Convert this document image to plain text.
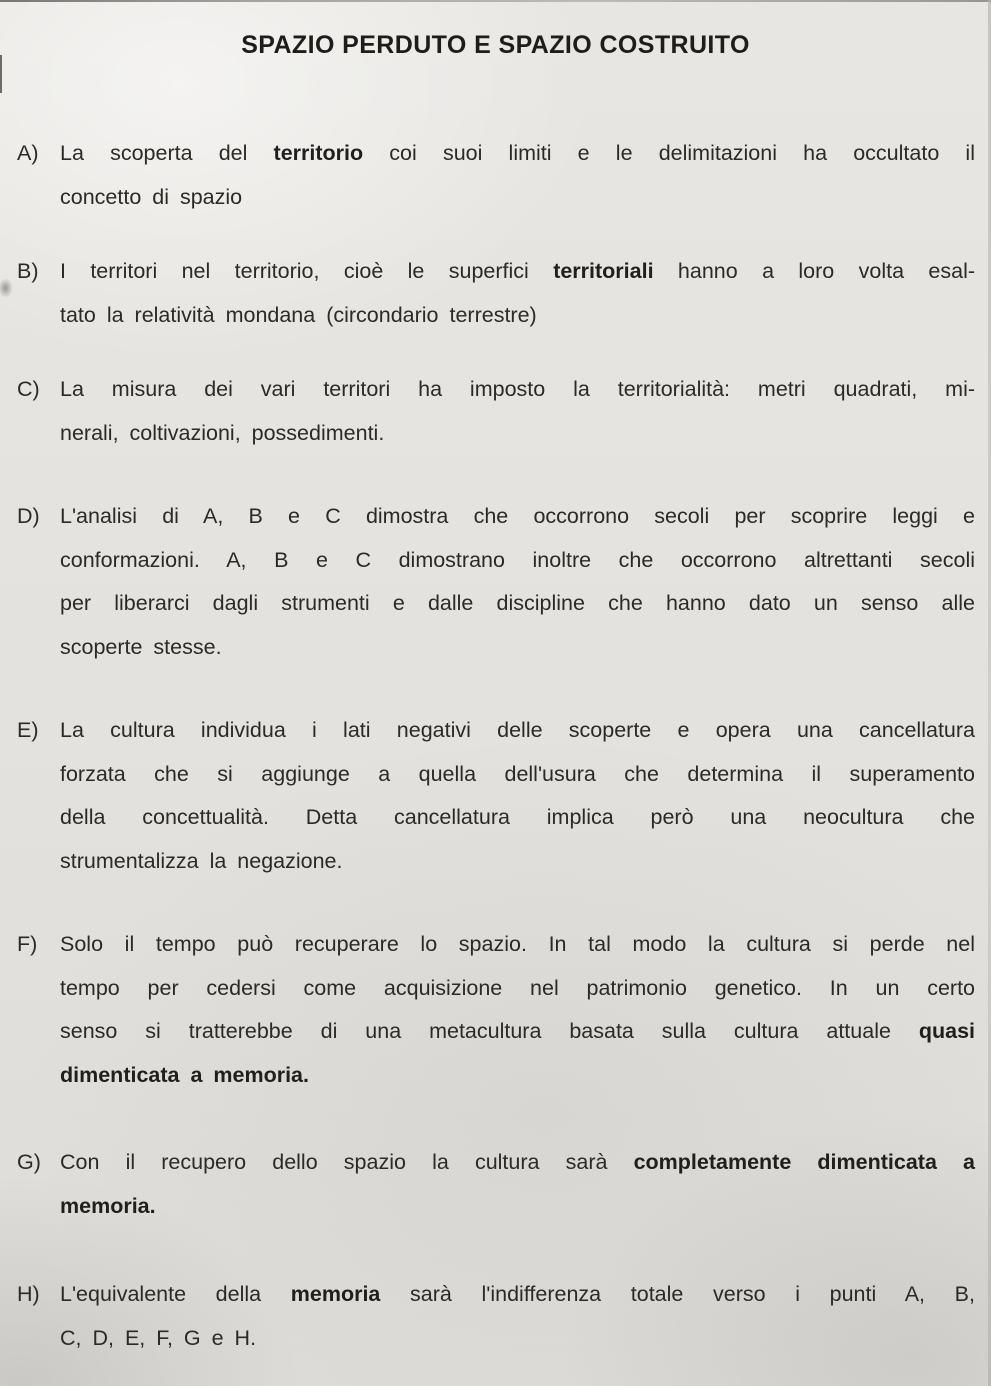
SPAZIO PERDUTO E SPAZIO COSTRUITO
A)	La scoperta del territorio coi suoi limiti e le delimitazioni ha occultato il
concetto di spazio
B)	I territori nel territorio, cioè le superfici territoriali hanno a loro volta esal-
tato la relatività mondana (circondario terrestre)
C) La misura dei vari territori ha imposto la territorialità: metri quadrati, mi-
nerali, coltivazioni, possedimenti.
D) L'analisi di A, B e C dimostra che occorrono secoli per scoprire leggi e
conformazioni. A, B e C dimostrano inoltre che occorrono altrettanti secoli
per liberarci dagli strumenti e dalle discipline che hanno dato un senso alle
scoperte stesse.
E)	La cultura individua i lati negativi delle scoperte e opera una cancellatura
forzata che si aggiunge a quella dell'usura che determina il superamento
della concettualità. Detta cancellatura implica però una neocultura che
strumentalizza la negazione.
F)	Solo il tempo può recuperare lo spazio. In tal modo la cultura si perde nel
tempo per cedersi come acquisizione nel patrimonio genetico. In un certo
senso si tratterebbe di una metacultura basata sulla cultura attuale quasi
dimenticata a memoria.
G) Con il recupero dello spazio la cultura sarà completamente dimenticata a
memoria.
H) L'equivalente della memoria sarà l'indifferenza totale verso i punti A, B,
C, D, E, F, G e H.
